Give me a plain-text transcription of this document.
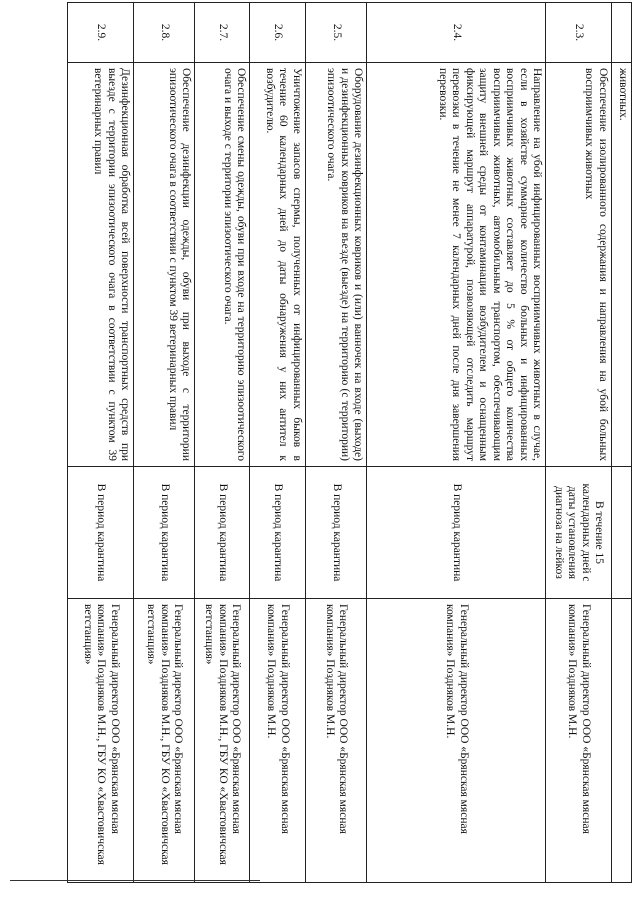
	животных.		
2.3.	Обеспечение изолированного содержания и направления на убой больных восприимчивых животных	В течение 15 календарных дней с даты установления диагноза на лейкоз	Генеральный директор ООО «Брянская мясная компания» Поздняков М.Н.
2.4.	Направление на убой инфицированных восприимчивых животных в случае, если в хозяйстве суммарное количество больных и инфицированных восприимчивых животных составляет до 5 % от общего количества восприимчивых животных, автомобильным транспортом, обеспечивающим защиту внешней среды от контаминации возбудителем и оснащенным фиксирующей маршрут аппаратурой, позволяющей отследить маршрут перевозки в течение не менее 7 календарных дней после дня завершения перевозки.	В период карантина	Генеральный директор ООО «Брянская мясная компания» Поздняков М.Н.
2.5.	Оборудование дезинфекционных ковриков и (или) ванночек на входе (выходе) и дезинфекционных ковриков на въезде (выезде) на территорию (с территории) эпизоотического очага.	В период карантина	Генеральный директор ООО «Брянская мясная компания» Поздняков М.Н.
2.6.	Уничтожение запасов спермы, полученных от инфицированных быков в течение 60 календарных дней до даты обнаружения у них антител к возбудителю.	В период карантина	Генеральный директор ООО «Брянская мясная компания» Поздняков М.Н.
2.7.	Обеспечение смены одежды, обуви при входе на территорию эпизоотического очага и выходе с территории эпизоотического очага.	В период карантина	Генеральный директор ООО «Брянская мясная компания» Поздняков М.Н., ГБУ КО «Хвастовичская ветстанция»
2.8.	Обеспечение дезинфекции одежды, обуви при выходе с территории эпизоотического очага в соответствии с пунктом 39 ветеринарных правил	В период карантина	Генеральный директор ООО «Брянская мясная компания» Поздняков М.Н., ГБУ КО «Хвастовичская ветстанция»
2.9.	Дезинфекционная обработка всей поверхности транспортных средств при выезде с территории эпизоотического очага в соответствии с пунктом 39 ветеринарных правил	В период карантина	Генеральный директор ООО «Брянская мясная компания» Поздняков М.Н., ГБУ КО «Хвастовичская ветстанция»
